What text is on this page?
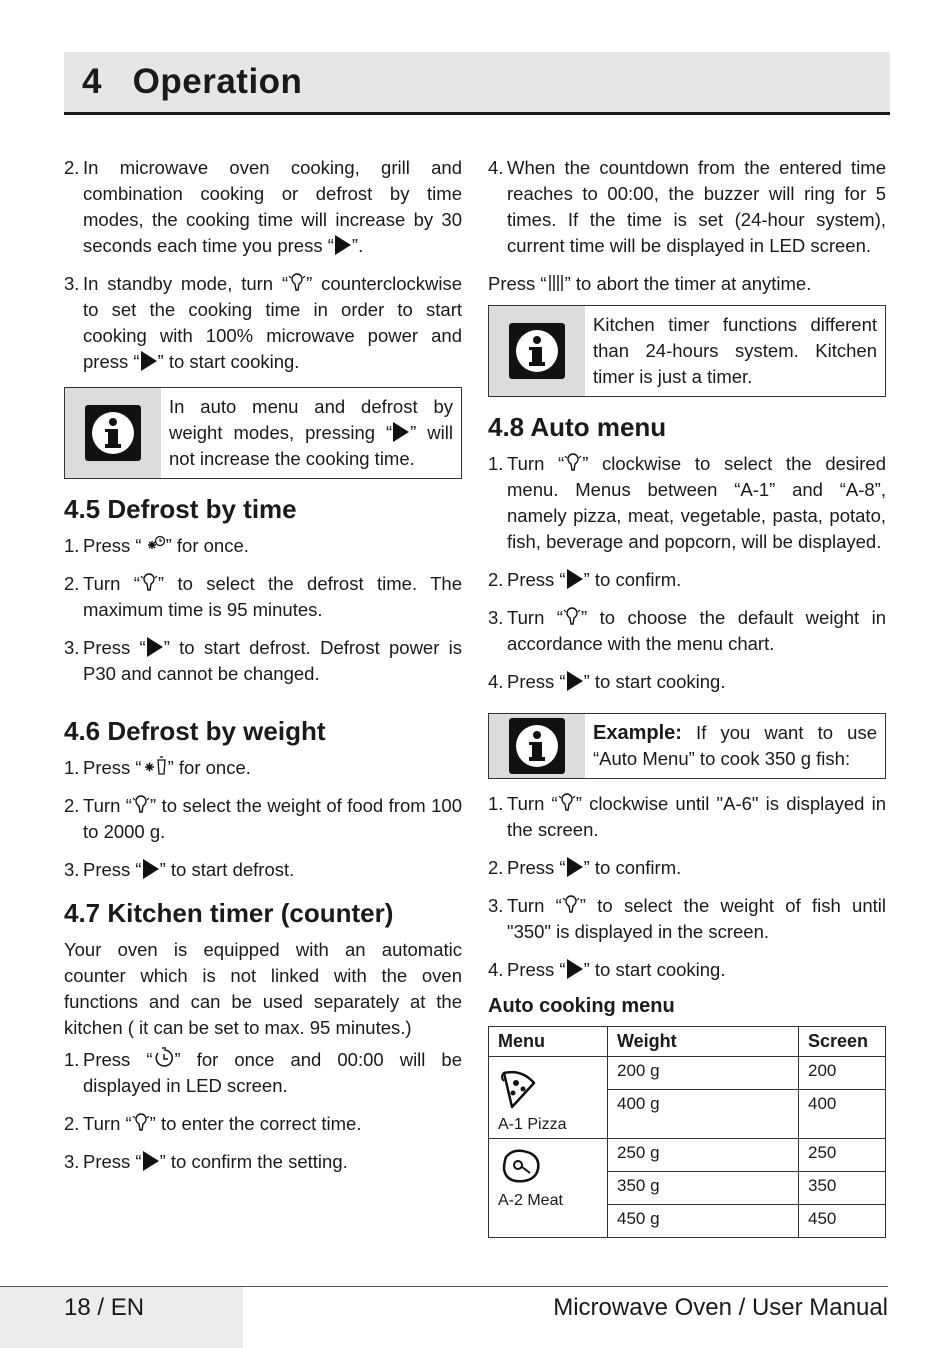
4   Operation
2. In microwave oven cooking, grill and combination cooking or defrost by time modes, the cooking time will increase by 30 seconds each time you press “ ”.
3. In standby mode, turn “ ” counterclockwise to set the cooking time in order to start cooking with 100% microwave power and press “ ” to start cooking.
In auto menu and defrost by weight modes, pressing “ ” will not increase the cooking time.
4.5 Defrost by time
1. Press “ ” for once.
2. Turn “ ” to select the defrost time. The maximum time is 95 minutes.
3. Press “ ” to start defrost. Defrost power is P30 and cannot be changed.
4.6 Defrost by weight
1. Press “ ” for once.
2. Turn “ ” to select the weight of food from 100 to 2000 g.
3. Press “ ” to start defrost.
4.7 Kitchen timer (counter)

Your oven is equipped with an automatic counter which is not linked with the oven functions and can be used separately at the kitchen ( it can be set to max. 95 minutes.)

1. Press “ ” for once and 00:00 will be displayed in LED screen.
2. Turn “ ” to enter the correct time.
3. Press “ ” to confirm the setting.
4. When the countdown from the entered time reaches to 00:00, the buzzer will ring for 5 times. If the time is set (24-hour system), current time will be displayed in LED screen.

Press “ ” to abort the timer at anytime.

Kitchen timer functions different than 24-hours system. Kitchen timer is just a timer.
4.8 Auto menu
1. Turn “ ” clockwise to select the desired menu. Menus between “A-1” and “A-8”, namely pizza, meat, vegetable, pasta, potato, fish, beverage and popcorn, will be displayed.
2. Press “ ” to confirm.
3. Turn “ ” to choose the default weight in accordance with the menu chart.
4. Press “ ” to start cooking.
Example: If you want to use “Auto Menu” to cook 350 g fish:
1. Turn “ ” clockwise until "A-6" is displayed in the screen.
2. Press “ ” to confirm.
3. Turn “ ” to select the weight of fish until "350" is displayed in the screen.
4. Press “ ” to start cooking.
Auto cooking menu
Menu	Weight	Screen

A-1 Pizza	200 g	200
	400 g	400

A-2 Meat	250 g	250
	350 g	350
	450 g	450
18 / EN	Microwave Oven / User Manual
